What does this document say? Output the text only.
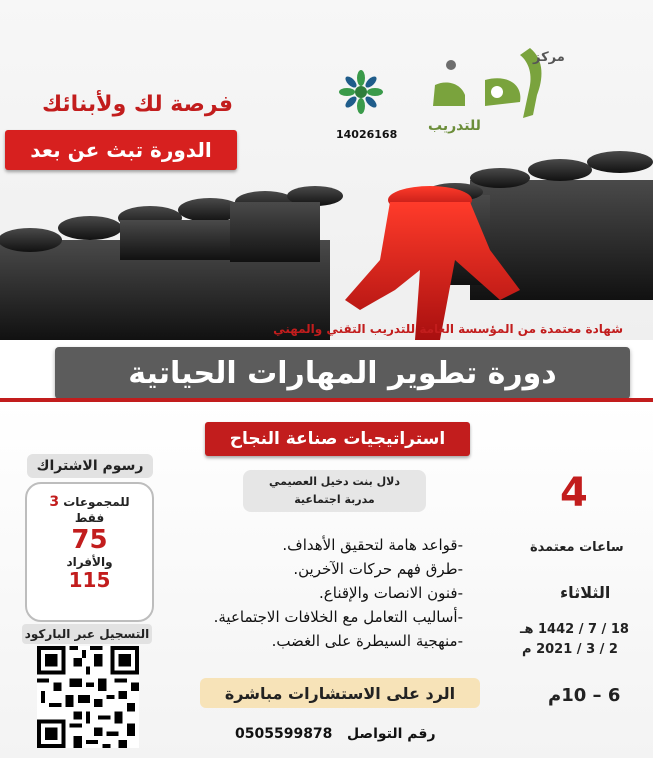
14026168
مركز
للتدريب
فرصة لك ولأبنائك
الدورة تبث عن بعد
شهادة معتمدة من المؤسسة العامة للتدريب التقني والمهني
دورة تطوير المهارات الحياتية
استراتيجيات صناعة النجاح
دلال بنت دخيل العصيمي
مدربة اجتماعية
-قواعد هامة لتحقيق الأهداف.
-طرق فهم حركات الآخرين.
-فنون الانصات والإقناع.
-أساليب التعامل مع الخلافات الاجتماعية.
-منهجية السيطرة على الغضب.
4
ساعات معتمدة
الثلاثاء
18 / 7 / 1442 هـ
2 / 3 / 2021 م
6 – 10م
رسوم الاشتراك
للمجموعات 3
فقط
75
والأفراد
115
التسجيل عبر الباركود
الرد على الاستشارات مباشرة
رقم التواصل   0505599878
